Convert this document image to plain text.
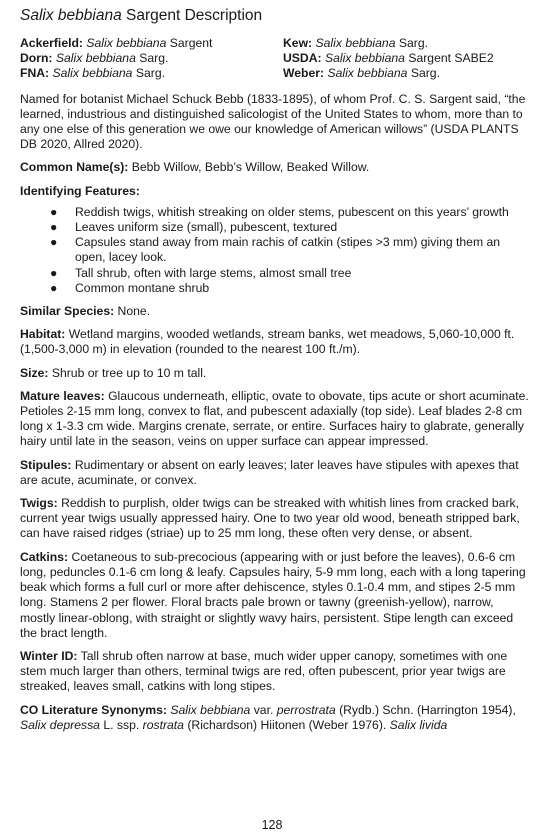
Salix bebbiana Sargent Description
Ackerfield: Salix bebbiana Sargent	Kew: Salix bebbiana Sarg.
Dorn: Salix bebbiana Sarg.	USDA: Salix bebbiana Sargent SABE2
FNA: Salix bebbiana Sarg.	Weber: Salix bebbiana Sarg.

Named for botanist Michael Schuck Bebb (1833-1895), of whom Prof. C. S. Sargent said, “the learned, industrious and distinguished salicologist of the United States to whom, more than to any one else of this generation we owe our knowledge of American willows” (USDA PLANTS DB 2020, Allred 2020).

Common Name(s): Bebb Willow, Bebb’s Willow, Beaked Willow.

Identifying Features:
● Reddish twigs, whitish streaking on older stems, pubescent on this years’ growth
● Leaves uniform size (small), pubescent, textured
● Capsules stand away from main rachis of catkin (stipes >3 mm) giving them an open, lacey look.
● Tall shrub, often with large stems, almost small tree
● Common montane shrub

Similar Species: None.

Habitat: Wetland margins, wooded wetlands, stream banks, wet meadows, 5,060-10,000 ft. (1,500-3,000 m) in elevation (rounded to the nearest 100 ft./m).

Size: Shrub or tree up to 10 m tall.

Mature leaves: Glaucous underneath, elliptic, ovate to obovate, tips acute or short acuminate. Petioles 2-15 mm long, convex to flat, and pubescent adaxially (top side). Leaf blades 2-8 cm long x 1-3.3 cm wide. Margins crenate, serrate, or entire. Surfaces hairy to glabrate, generally hairy until late in the season, veins on upper surface can appear impressed.

Stipules: Rudimentary or absent on early leaves; later leaves have stipules with apexes that are acute, acuminate, or convex.

Twigs: Reddish to purplish, older twigs can be streaked with whitish lines from cracked bark, current year twigs usually appressed hairy. One to two year old wood, beneath stripped bark, can have raised ridges (striae) up to 25 mm long, these often very dense, or absent.

Catkins: Coetaneous to sub-precocious (appearing with or just before the leaves), 0.6-6 cm long, peduncles 0.1-6 cm long & leafy. Capsules hairy, 5-9 mm long, each with a long tapering beak which forms a full curl or more after dehiscence, styles 0.1-0.4 mm, and stipes 2-5 mm long. Stamens 2 per flower. Floral bracts pale brown or tawny (greenish-yellow), narrow, mostly linear-oblong, with straight or slightly wavy hairs, persistent. Stipe length can exceed the bract length.

Winter ID: Tall shrub often narrow at base, much wider upper canopy, sometimes with one stem much larger than others, terminal twigs are red, often pubescent, prior year twigs are streaked, leaves small, catkins with long stipes.

CO Literature Synonyms: Salix bebbiana var. perrostrata (Rydb.) Schn. (Harrington 1954), Salix depressa L. ssp. rostrata (Richardson) Hiitonen (Weber 1976). Salix livida

128
